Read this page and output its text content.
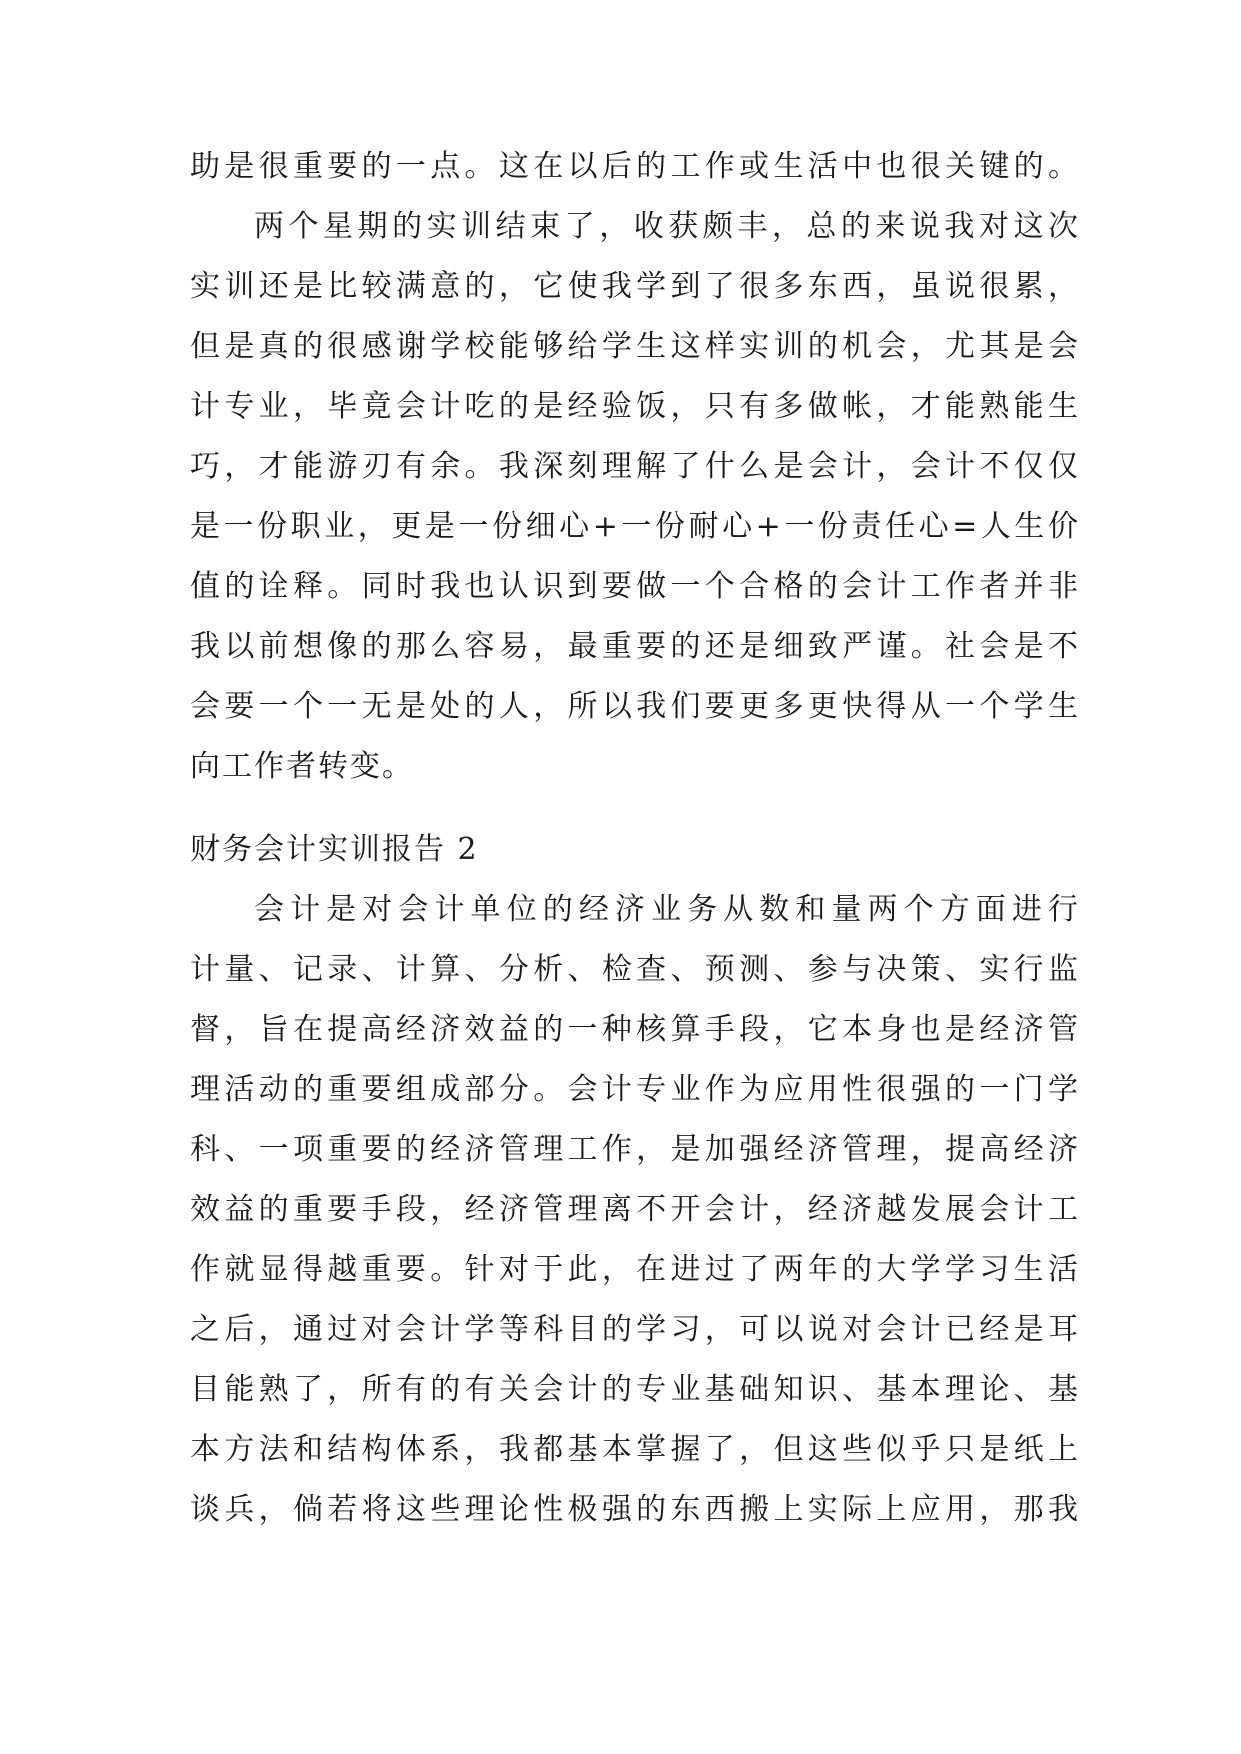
助是很重要的一点。这在以后的工作或生活中也很关键的。
两个星期的实训结束了，收获颇丰，总的来说我对这次
实训还是比较满意的，它使我学到了很多东西，虽说很累，
但是真的很感谢学校能够给学生这样实训的机会，尤其是会
计专业，毕竟会计吃的是经验饭，只有多做帐，才能熟能生
巧，才能游刃有余。我深刻理解了什么是会计，会计不仅仅
是一份职业，更是一份细心+一份耐心+一份责任心=人生价
值的诠释。同时我也认识到要做一个合格的会计工作者并非
我以前想像的那么容易，最重要的还是细致严谨。社会是不
会要一个一无是处的人，所以我们要更多更快得从一个学生
向工作者转变。
财务会计实训报告 2
会计是对会计单位的经济业务从数和量两个方面进行
计量、记录、计算、分析、检查、预测、参与决策、实行监
督，旨在提高经济效益的一种核算手段，它本身也是经济管
理活动的重要组成部分。会计专业作为应用性很强的一门学
科、一项重要的经济管理工作，是加强经济管理，提高经济
效益的重要手段，经济管理离不开会计，经济越发展会计工
作就显得越重要。针对于此，在进过了两年的大学学习生活
之后，通过对会计学等科目的学习，可以说对会计已经是耳
目能熟了，所有的有关会计的专业基础知识、基本理论、基
本方法和结构体系，我都基本掌握了，但这些似乎只是纸上
谈兵，倘若将这些理论性极强的东西搬上实际上应用，那我
